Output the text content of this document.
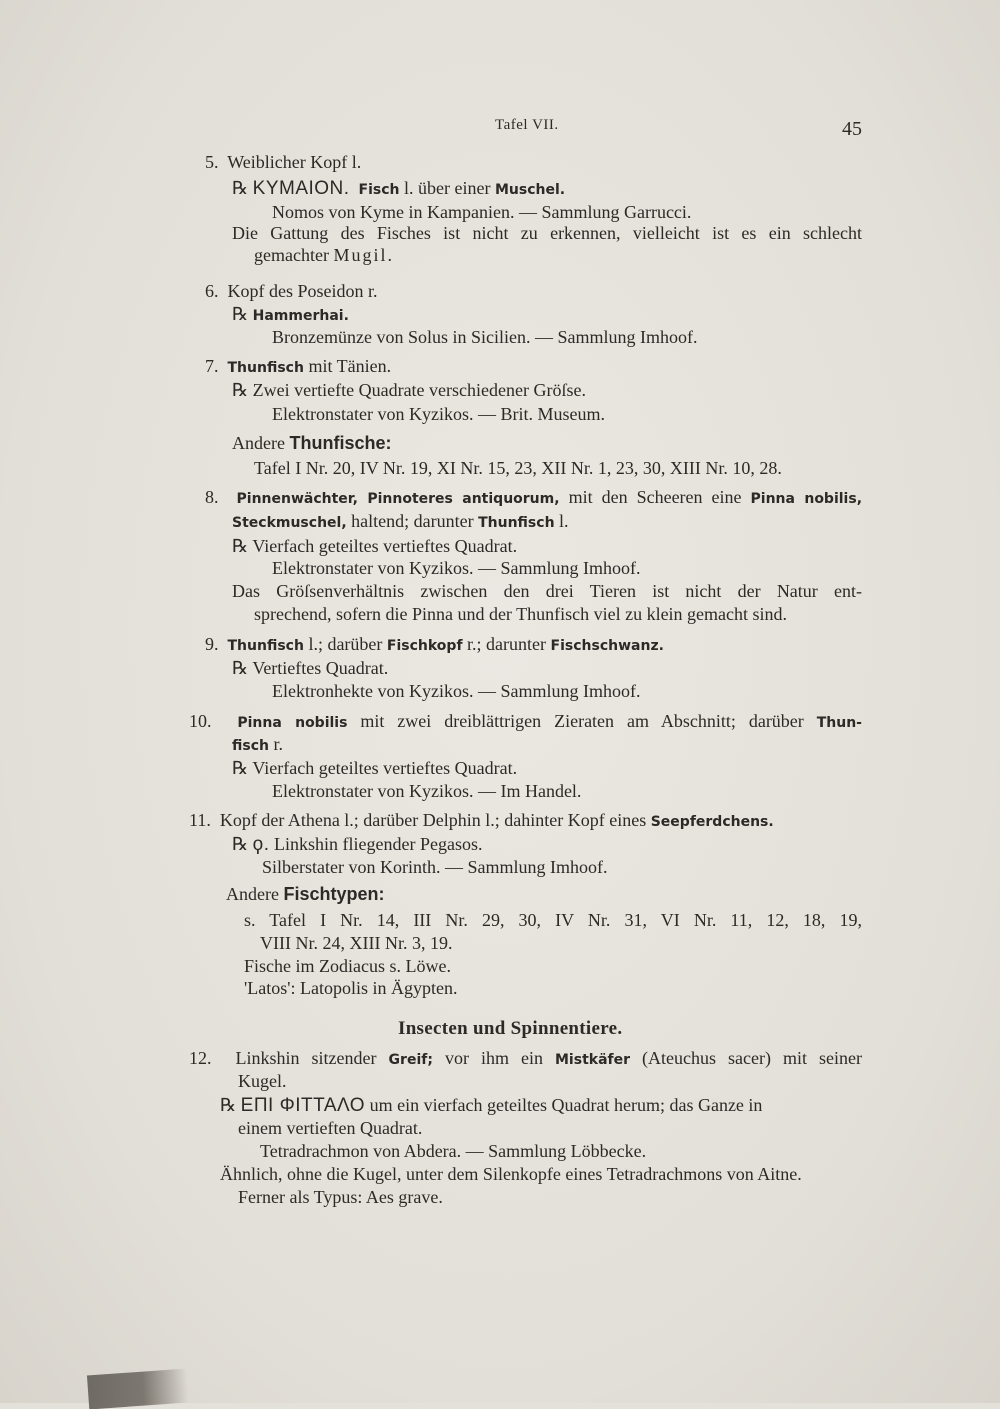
Tafel VII.	45
5. Weiblicher Kopf l.
℞ ΚΥΜΑΙΟΝ. Fisch l. über einer Muschel.
Nomos von Kyme in Kampanien. — Sammlung Garrucci.
Die Gattung des Fisches ist nicht zu erkennen, vielleicht ist es ein schlecht
gemachter Mugil.
6. Kopf des Poseidon r.
℞ Hammerhai.
Bronzemünze von Solus in Sicilien. — Sammlung Imhoof.
7. Thunfisch mit Tänien.
℞ Zwei vertiefte Quadrate verschiedener Gröſse.
Elektronstater von Kyzikos. — Brit. Museum.
Andere Thunfische:
Tafel I Nr. 20, IV Nr. 19, XI Nr. 15, 23, XII Nr. 1, 23, 30, XIII Nr. 10, 28.
8. Pinnenwächter, Pinnoteres antiquorum, mit den Scheeren eine Pinna nobilis,
Steckmuschel, haltend; darunter Thunfisch l.
℞ Vierfach geteiltes vertieftes Quadrat.
Elektronstater von Kyzikos. — Sammlung Imhoof.
Das Gröſsenverhältnis zwischen den drei Tieren ist nicht der Natur ent-
sprechend, sofern die Pinna und der Thunfisch viel zu klein gemacht sind.
9. Thunfisch l.; darüber Fischkopf r.; darunter Fischschwanz.
℞ Vertieftes Quadrat.
Elektronhekte von Kyzikos. — Sammlung Imhoof.
10. Pinna nobilis mit zwei dreiblättrigen Zieraten am Abschnitt; darüber Thun-
fisch r.
℞ Vierfach geteiltes vertieftes Quadrat.
Elektronstater von Kyzikos. — Im Handel.
11. Kopf der Athena l.; darüber Delphin l.; dahinter Kopf eines Seepferdchens.
℞ ϙ. Linkshin fliegender Pegasos.
Silberstater von Korinth. — Sammlung Imhoof.
Andere Fischtypen:
s. Tafel I Nr. 14, III Nr. 29, 30, IV Nr. 31, VI Nr. 11, 12, 18, 19,
VIII Nr. 24, XIII Nr. 3, 19.
Fische im Zodiacus s. Löwe.
'Latos': Latopolis in Ägypten.
Insecten und Spinnentiere.
12. Linkshin sitzender Greif; vor ihm ein Mistkäfer (Ateuchus sacer) mit seiner
Kugel.
℞ ΕΠΙ ΦΙΤΤΑΛΟ um ein vierfach geteiltes Quadrat herum; das Ganze in
einem vertieften Quadrat.
Tetradrachmon von Abdera. — Sammlung Löbbecke.
Ähnlich, ohne die Kugel, unter dem Silenkopfe eines Tetradrachmons von Aitne.
Ferner als Typus: Aes grave.
